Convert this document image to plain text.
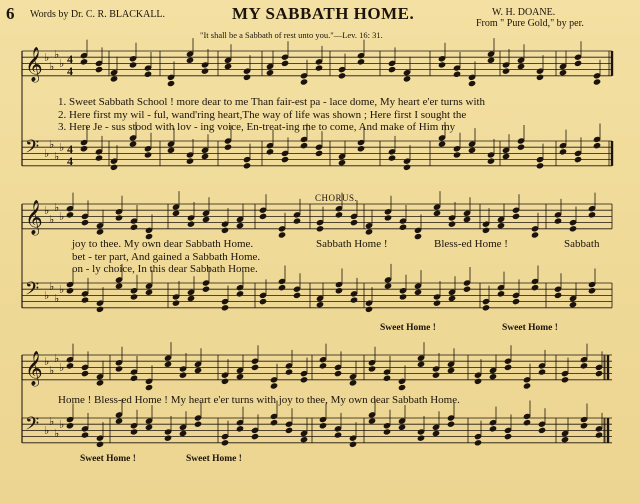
6 Words by Dr. C. R. BLACKALL.	MY SABBATH HOME.	W. H. DOANE.
From " Pure Gold," by per.
"It shall be a Sabbath of rest unto you."—Lev. 16: 31.
𝄞 ♭
♭
♭
♭ 4
4
𝄢 ♭
♭
♭
♭ 4
4
𝄞 ♭
♭
♭
♭
𝄢 ♭
♭
♭
♭
𝄞 ♭
♭
♭
♭
𝄢 ♭
♭
♭
♭
1. Sweet Sabbath School ! more dear to me Than fair-est pa - lace dome, My heart e'er turns with
2. Here first my wil - ful, wand'ring heart,The way of life was shown ; Here first I sought the
3. Here Je - sus stood with lov - ing voice, En-treat-ing me to come, And make of Him my
joy to thee. My own dear Sabbath Home.
bet - ter part, And gained a Sabbath Home.
on - ly choice, In this dear Sabbath Home.
CHORUS.
Sabbath Home !	Bless-ed Home !	Sabbath
Sweet Home !	Sweet Home !
Home ! Bless-ed Home ! My heart e'er turns with joy to thee, My own dear Sabbath Home.
Sweet Home !	Sweet Home !
